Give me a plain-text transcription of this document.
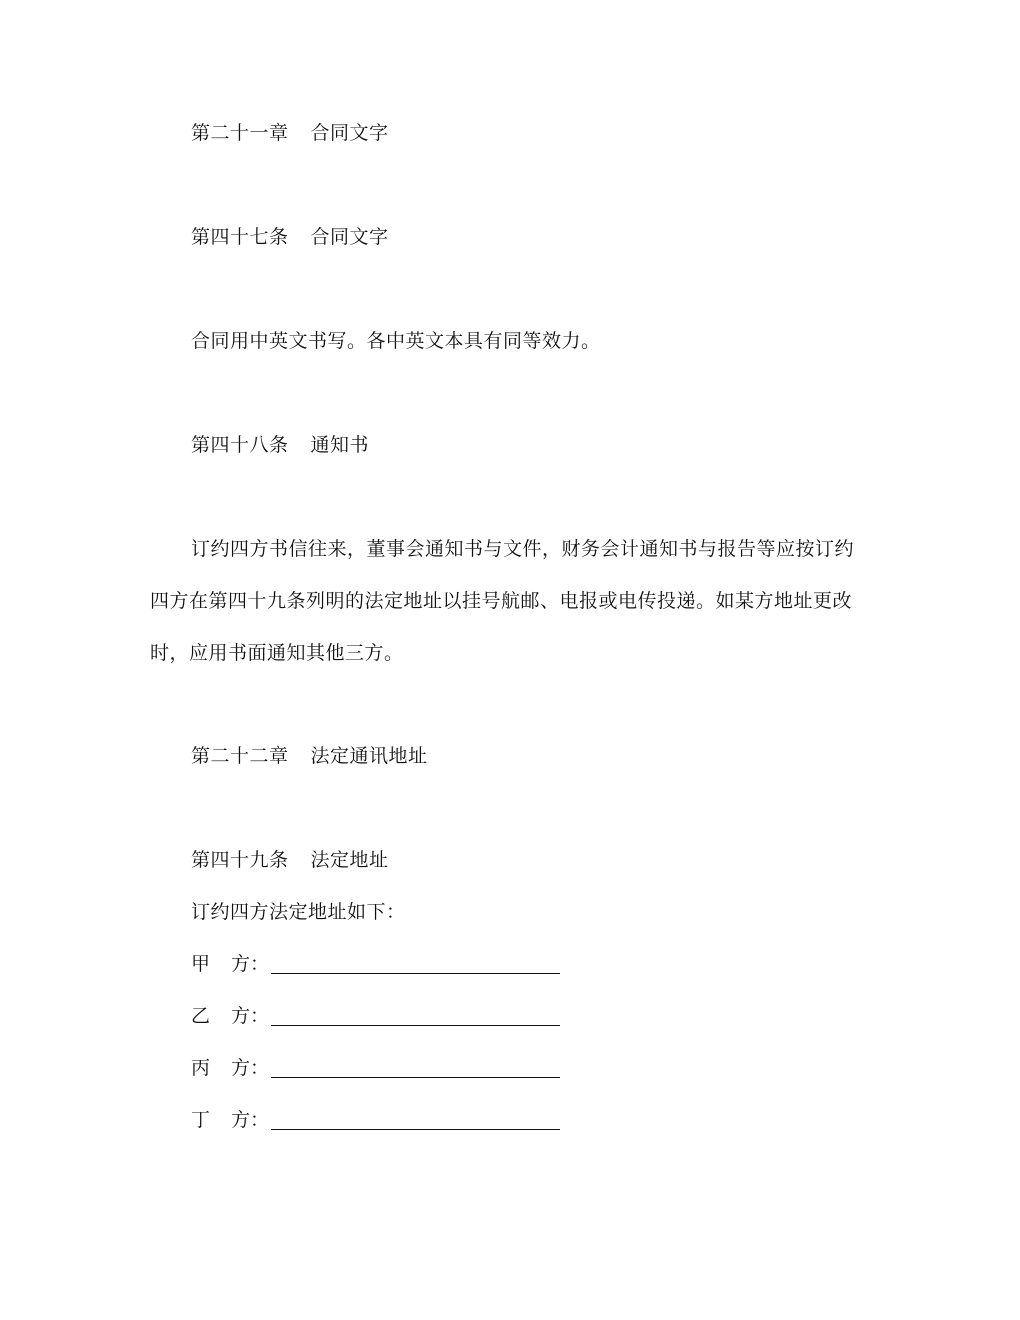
第二十一章 合同文字
第四十七条 合同文字
合同用中英文书写。各中英文本具有同等效力。
第四十八条 通知书
订约四方书信往来，董事会通知书与文件，财务会计通知书与报告等应按订约
四方在第四十九条列明的法定地址以挂号航邮、电报或电传投递。如某方地址更改
时，应用书面通知其他三方。
第二十二章 法定通讯地址
第四十九条 法定地址
订约四方法定地址如下：
甲 方：
乙 方：
丙 方：
丁 方：
